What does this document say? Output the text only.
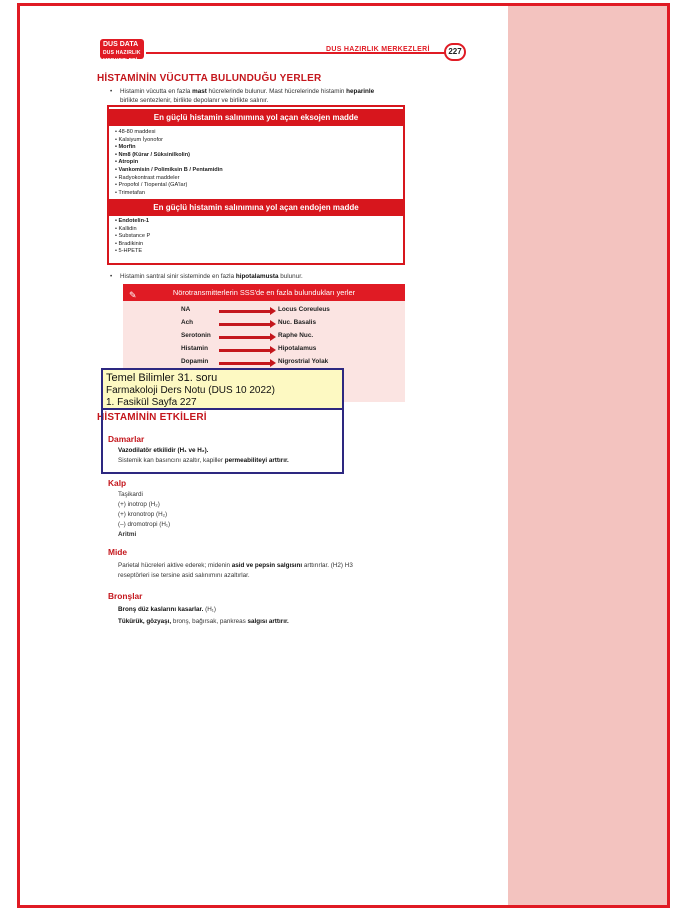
DUS DATA
DUS HAZIRLIK MERKEZLERİ
DUS HAZIRLIK MERKEZLERİ	227
HİSTAMİNİN VÜCUTTA BULUNDUĞU YERLER
• Histamin vücutta en fazla mast hücrelerinde bulunur. Mast hücrelerinde histamin heparinle
birlikte sentezlenir, birlikte depolanır ve birlikte salınır.
En güçlü histamin salınımına yol açan eksojen madde
• 48-80 maddesi
• Kalsiyum İyonofor
• Morfin
• Nm8 (Kürar / Süksinilkolin)
• Atropin
• Vankomisin / Polimiksin B / Pentamidin
• Radyokontrast maddeler
• Propofol / Tiopental (GA'lar)
• Trimetafan
En güçlü histamin salınımına yol açan endojen madde
• Endotelin-1
• Kallidin
• Substance P
• Bradikinin
• 5-HPETE
• Histamin santral sinir sisteminde en fazla hipotalamusta bulunur.
✎	Nörotransmitterlerin SSS'de en fazla bulundukları yerler
NA	Locus Coreuleus
Ach	Nuc. Basalis
Serotonin	Raphe Nuc.
Histamin	Hipotalamus
Dopamin	Nigrostrial Yolak
HİSTAMİNİN ETKİLERİ
Damarlar
Vazodilatör etkilidir (H₁ ve H₂).
Sistemik kan basıncını azaltır, kapiller permeabiliteyi arttırır.
Kalp
Taşikardi
(+) inotrop (H₂)
(+) kronotrop (H₂)
(–) dromotropi (H₁)
Aritmi
Mide
Parietal hücreleri aktive ederek; midenin asid ve pepsin salgısını arttırırlar. (H2) H3
reseptörleri ise tersine asid salınımını azaltırlar.
Bronşlar
Bronş düz kaslarını kasarlar. (H₁)
Tükürük, gözyaşı, bronş, bağırsak, pankreas salgısı arttırır.
Temel Bilimler 31. soru
Farmakoloji Ders Notu (DUS 10 2022)
1. Fasikül Sayfa 227
